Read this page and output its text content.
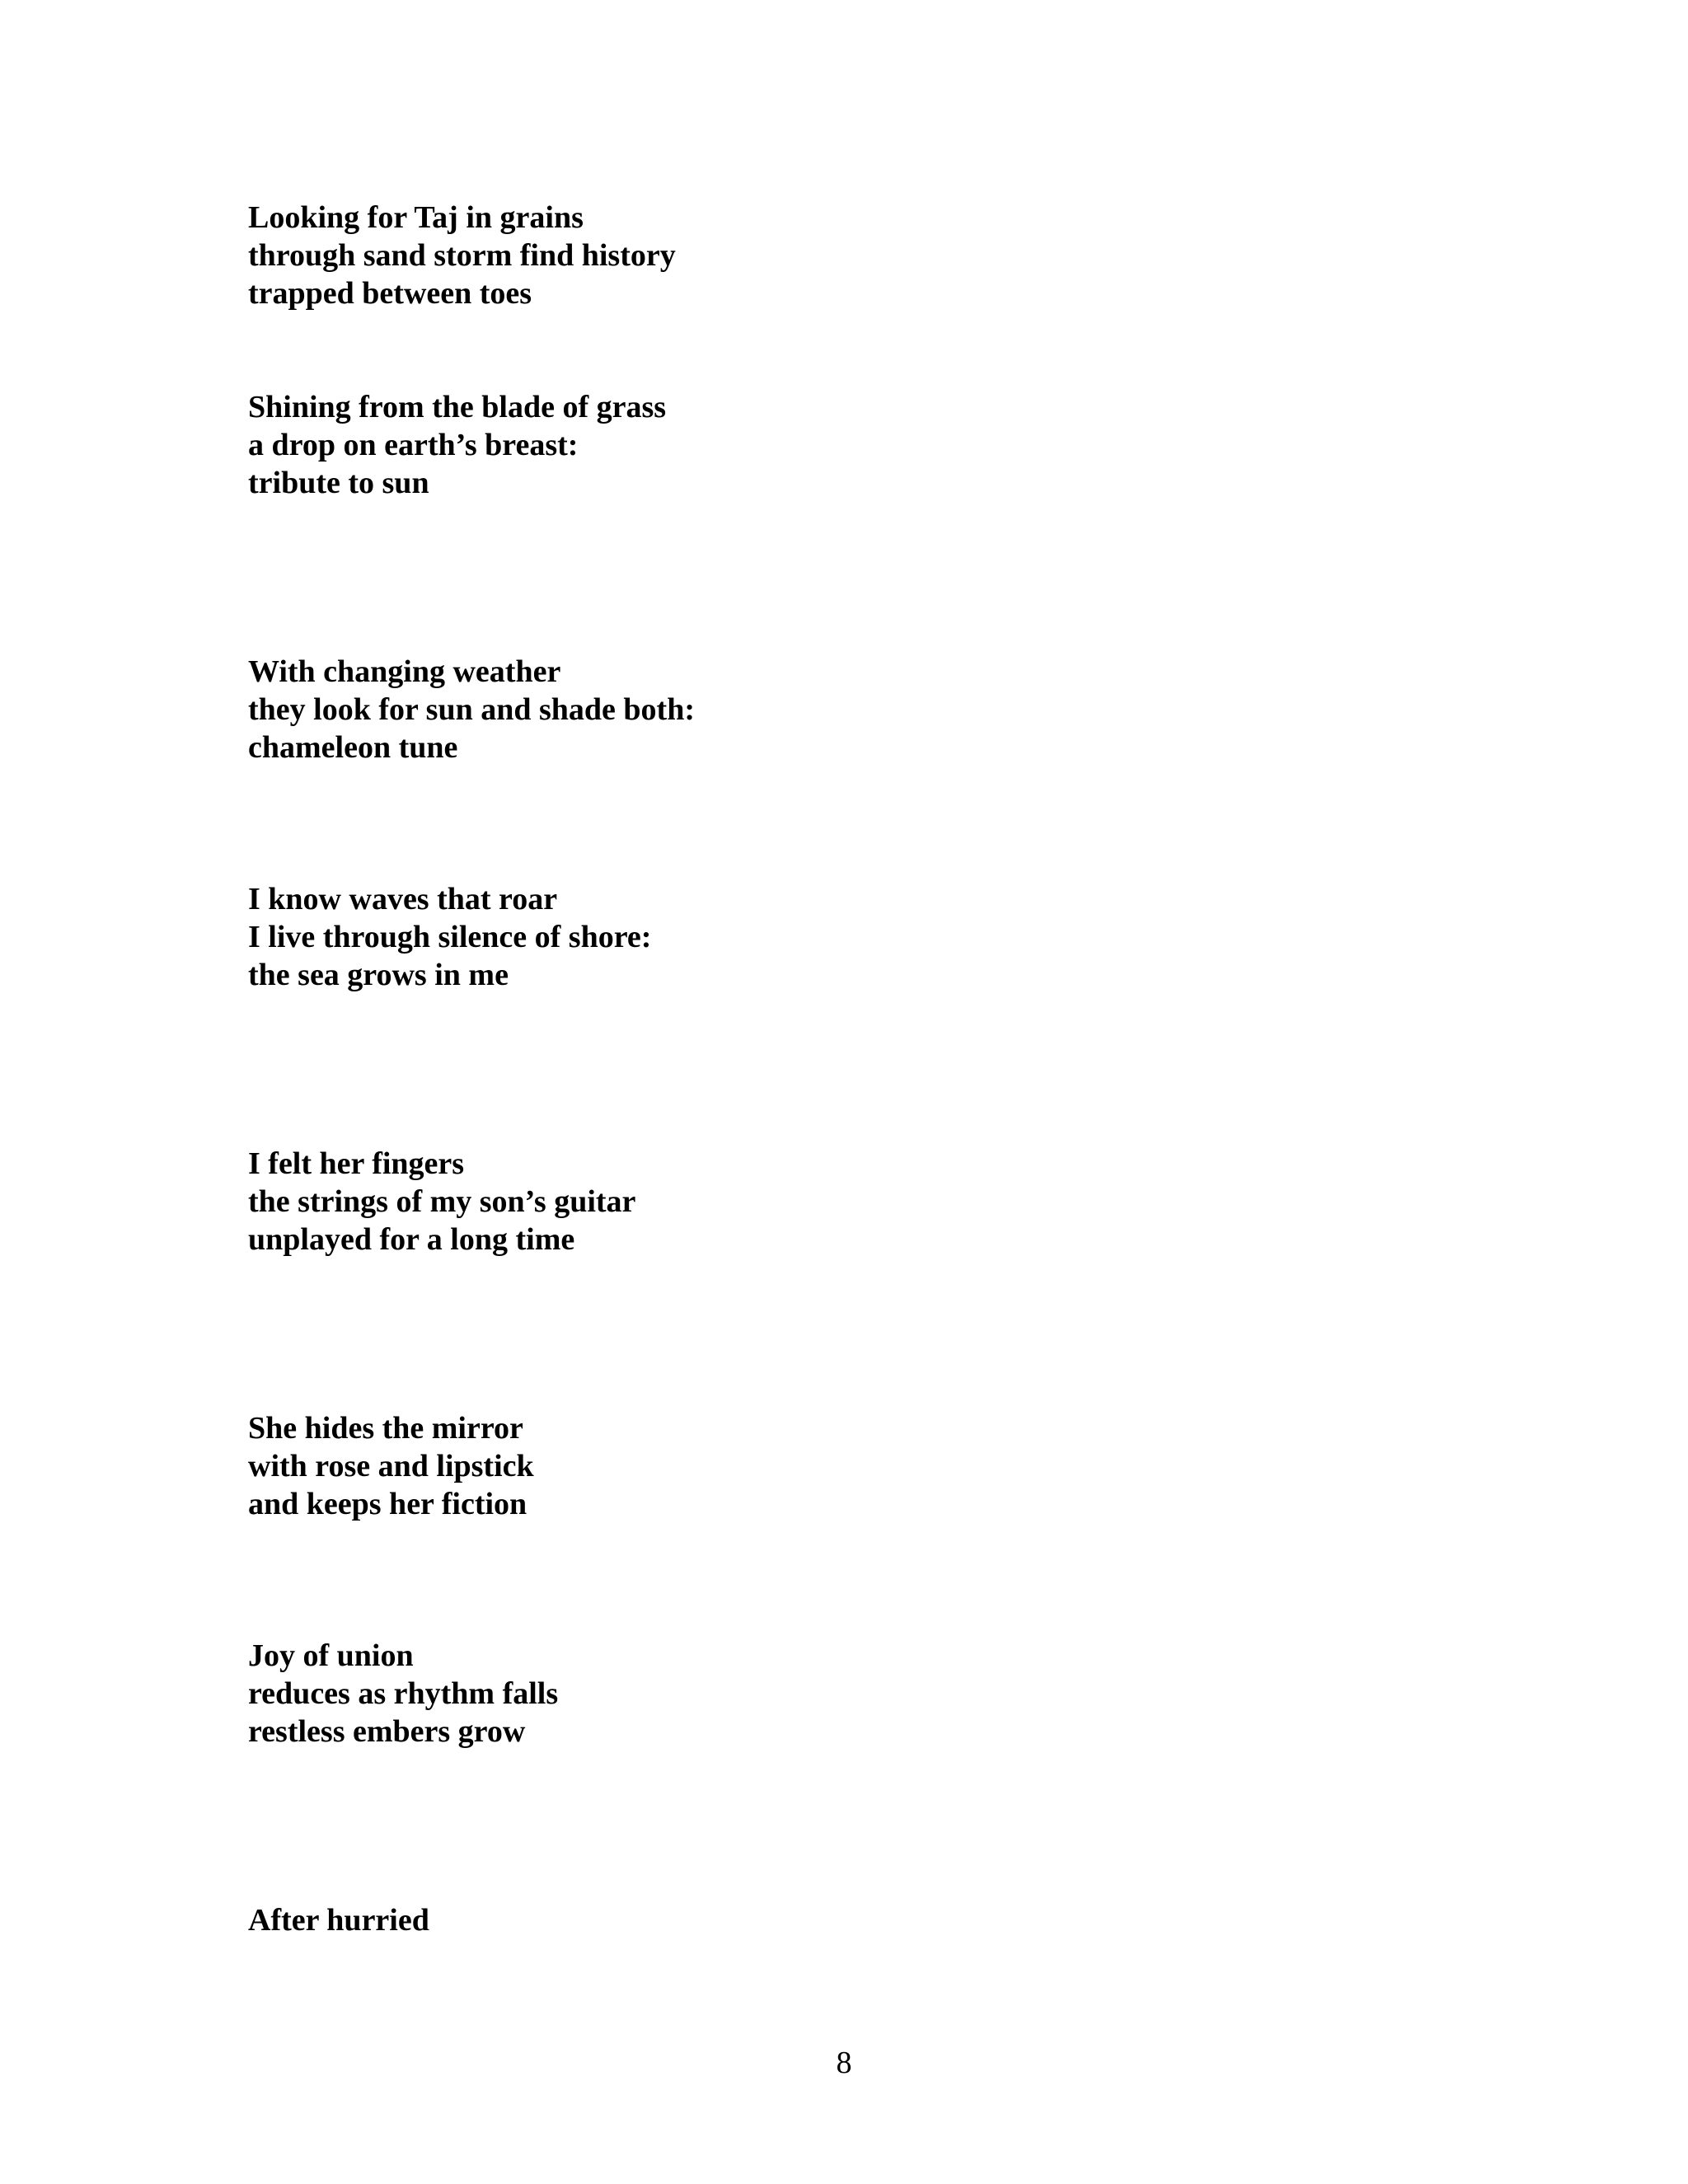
Looking for Taj in grains
through sand storm find history
trapped between toes
Shining from the blade of grass
a drop on earth’s breast:
tribute to sun
With changing weather
they look for sun and shade both:
chameleon tune
I know waves that roar
I live through silence of shore:
the sea grows in me
I felt her fingers
the strings of my son’s guitar
unplayed for a long time
She hides the mirror
with rose and lipstick
and keeps her fiction
Joy of union
reduces as rhythm falls
restless embers grow
After hurried
8
